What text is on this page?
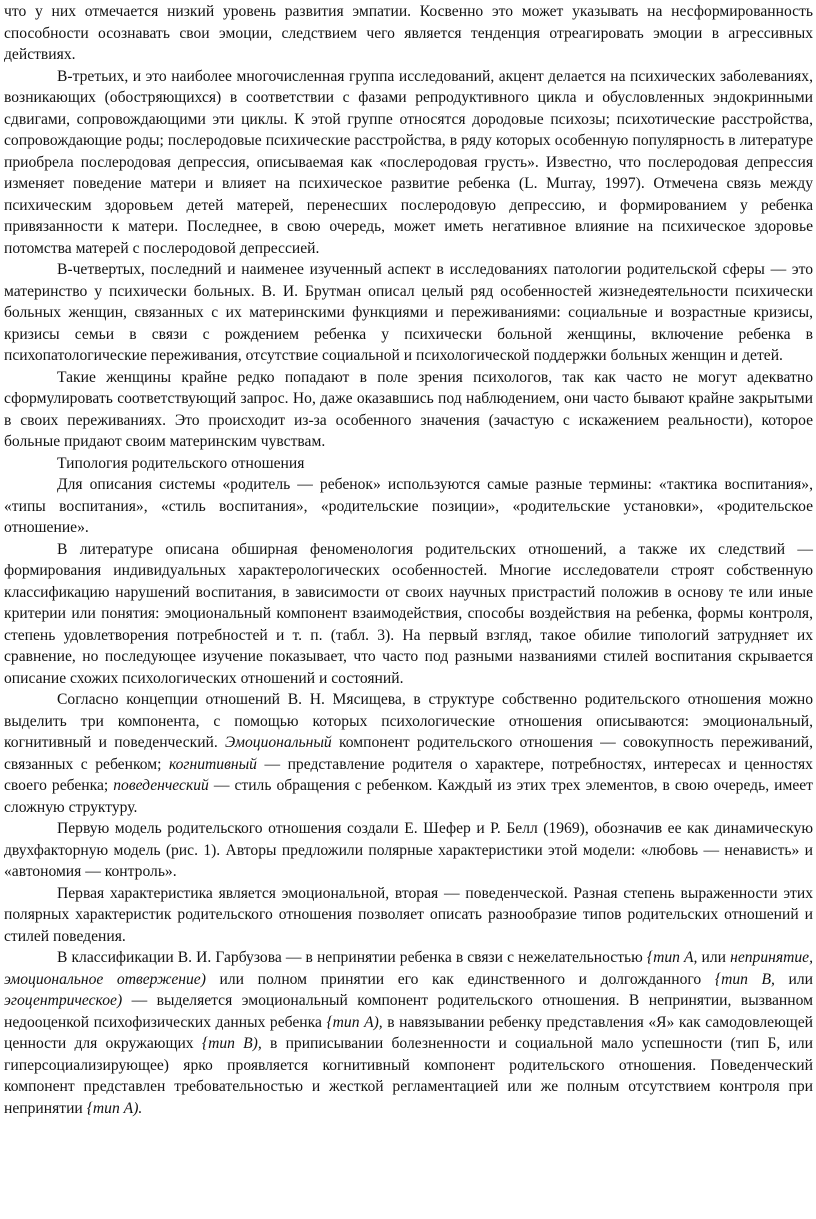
что у них отмечается низкий уровень развития эмпатии. Косвенно это может указывать на несформированность способности осознавать свои эмоции, следствием чего является тенденция отреагировать эмоции в агрессивных действиях.

В-третьих, и это наиболее многочисленная группа исследований, акцент делается на психических заболеваниях, возникающих (обостряющихся) в соответствии с фазами репродуктивного цикла и обусловленных эндокринными сдвигами, сопровождающими эти циклы. К этой группе относятся дородовые психозы; психотические расстройства, сопровождающие роды; послеродовые психические расстройства, в ряду которых особенную популярность в литературе приобрела послеродовая депрессия, описываемая как «послеродовая грусть». Известно, что послеродовая депрессия изменяет поведение матери и влияет на психическое развитие ребенка (L. Murray, 1997). Отмечена связь между психическим здоровьем детей матерей, перенесших послеродовую депрессию, и формированием у ребенка привязанности к матери. Последнее, в свою очередь, может иметь негативное влияние на психическое здоровье потомства матерей с послеродовой депрессией.

В-четвертых, последний и наименее изученный аспект в исследованиях патологии родительской сферы — это материнство у психически больных. В. И. Брутман описал целый ряд особенностей жизнедеятельности психически больных женщин, связанных с их материнскими функциями и переживаниями: социальные и возрастные кризисы, кризисы семьи в связи с рождением ребенка у психически больной женщины, включение ребенка в психопатологические переживания, отсутствие социальной и психологической поддержки больных женщин и детей.

Такие женщины крайне редко попадают в поле зрения психологов, так как часто не могут адекватно сформулировать соответствующий запрос. Но, даже оказавшись под наблюдением, они часто бывают крайне закрытыми в своих переживаниях. Это происходит из-за особенного значения (зачастую с искажением реальности), которое больные придают своим материнским чувствам.

Типология родительского отношения

Для описания системы «родитель — ребенок» используются самые разные термины: «тактика воспитания», «типы воспитания», «стиль воспитания», «родительские позиции», «родительские установки», «родительское отношение».

В литературе описана обширная феноменология родительских отношений, а также их следствий — формирования индивидуальных характерологических особенностей. Многие исследователи строят собственную классификацию нарушений воспитания, в зависимости от своих научных пристрастий положив в основу те или иные критерии или понятия: эмоциональный компонент взаимодействия, способы воздействия на ребенка, формы контроля, степень удовлетворения потребностей и т. п. (табл. 3). На первый взгляд, такое обилие типологий затрудняет их сравнение, но последующее изучение показывает, что часто под разными названиями стилей воспитания скрывается описание схожих психологических отношений и состояний.

Согласно концепции отношений В. Н. Мясищева, в структуре собственно родительского отношения можно выделить три компонента, с помощью которых психологические отношения описываются: эмоциональный, когнитивный и поведенческий. Эмоциональный компонент родительского отношения — совокупность переживаний, связанных с ребенком; когнитивный — представление родителя о характере, потребностях, интересах и ценностях своего ребенка; поведенческий — стиль обращения с ребенком. Каждый из этих трех элементов, в свою очередь, имеет сложную структуру.

Первую модель родительского отношения создали Е. Шефер и Р. Белл (1969), обозначив ее как динамическую двухфакторную модель (рис. 1). Авторы предложили полярные характеристики этой модели: «любовь — ненависть» и «автономия — контроль».

Первая характеристика является эмоциональной, вторая — поведенческой. Разная степень выраженности этих полярных характеристик родительского отношения позволяет описать разнообразие типов родительских отношений и стилей поведения.

В классификации В. И. Гарбузова — в непринятии ребенка в связи с нежелательностью {тип А, или непринятие, эмоциональное отвержение) или полном принятии его как единственного и долгожданного {тип В, или эгоцентрическое) — выделяется эмоциональный компонент родительского отношения. В непринятии, вызванном недооценкой психофизических данных ребенка {тип А), в навязывании ребенку представления «Я» как самодовлеющей ценности для окружающих {тип В), в приписывании болезненности и социальной мало успешности (тип Б, или гиперсоциализирующее) ярко проявляется когнитивный компонент родительского отношения. Поведенческий компонент представлен требовательностью и жесткой регламентацией или же полным отсутствием контроля при непринятии {тип А).
